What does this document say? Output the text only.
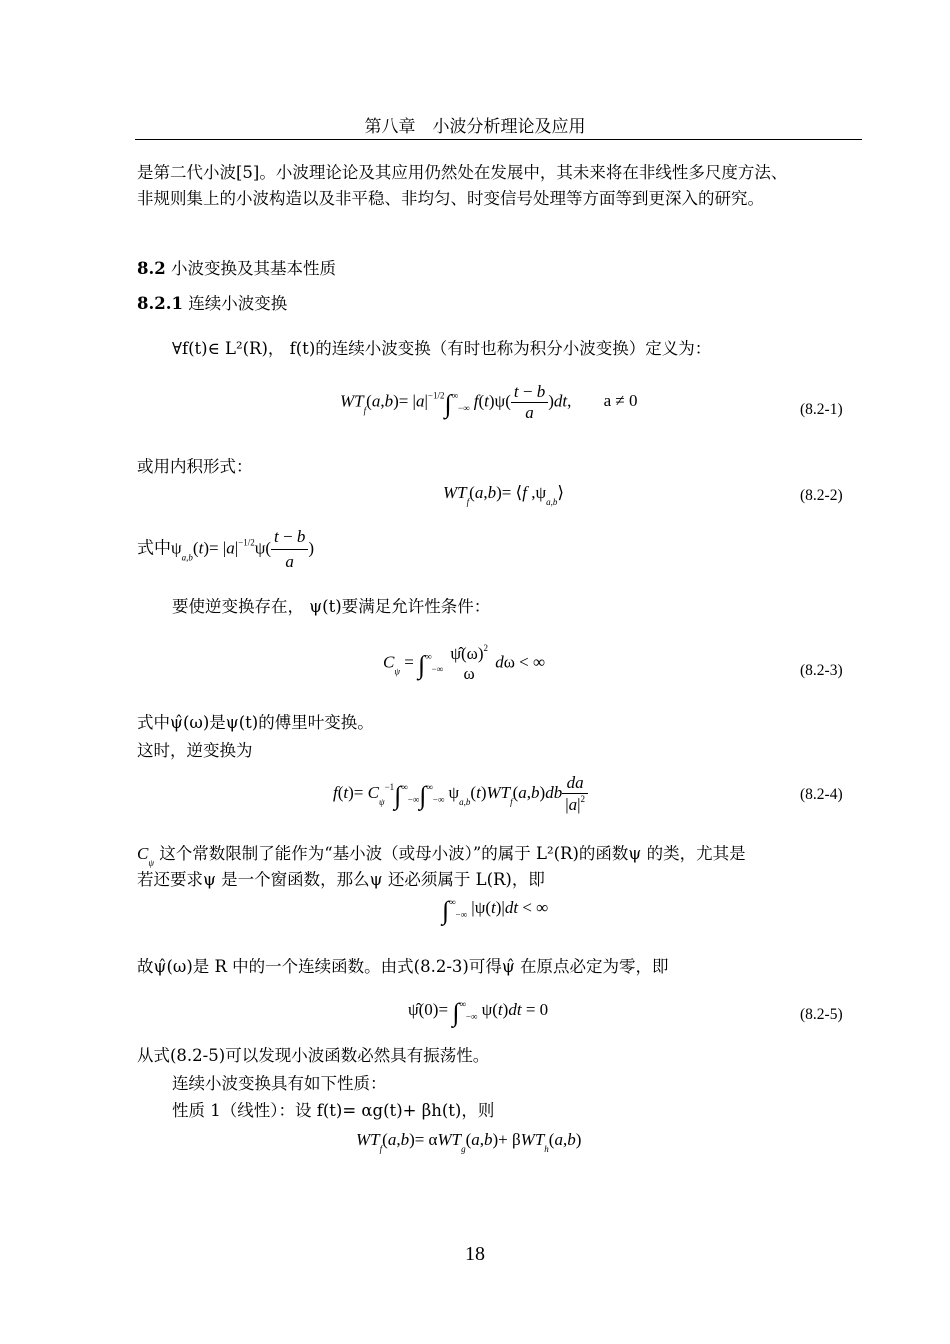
第八章　小波分析理论及应用
是第二代小波[5]。小波理论论及其应用仍然处在发展中，其未来将在非线性多尺度方法、
非规则集上的小波构造以及非平稳、非均匀、时变信号处理等方面等到更深入的研究。
8.2 小波变换及其基本性质
8.2.1 连续小波变换
∀f(t)∈ L²(R)， f(t)的连续小波变换（有时也称为积分小波变换）定义为：
$WT_f(a,b)= |a|^{-1/2}\int^\infty_{-\infty}$ $f(t)\psi( \frac{t - b}{a} )dt$, a ≠ 0	(8.2-1)
或用内积形式：
$WT_f(a,b)=$ ⟨f $,\psi_{a,b}⟩$	(8.2-2)
式中$\psi_{a,b}(t)= |a|^{-1/2}\psi( \frac{t - b}{a}$ )
要使逆变换存在， ψ(t)要满足允许性条件：
$C_\psi = \int^\infty_{-\infty}$
$\psî(\omega)^2$
ω
dω < ∞	(8.2-3)
式中ψ̂(ω)是ψ(t)的傅里叶变换。
这时，逆变换为
$f(t)= C_\psi^{-1}\int^\infty_{-\infty}\int^\infty_{-\infty}$ $\psi_{a,b}(t)WT_f(a,b)db \frac{da}{|a|^2}$	(8.2-4)
$C_\psi$ 这个常数限制了能作为“基小波（或母小波）”的属于 L²(R)的函数ψ 的类，尤其是
若还要求ψ 是一个窗函数，那么ψ 还必须属于 L(R)，即
$\int^\infty_{-\infty}$ |ψ(t)|dt < ∞
故ψ̂(ω)是 R 中的一个连续函数。由式(8.2-3)可得ψ̂ 在原点必定为零，即
ψ̂(0)= $\int^\infty_{-\infty}$ ψ(t)dt = 0	(8.2-5)
从式(8.2-5)可以发现小波函数必然具有振荡性。
连续小波变换具有如下性质：
性质 1（线性）：设 f(t)= αg(t)+ βh(t)，则
$WT_f(a,b)= \alpha WT_g(a,b)+ \beta WT_h(a,b)$
18
